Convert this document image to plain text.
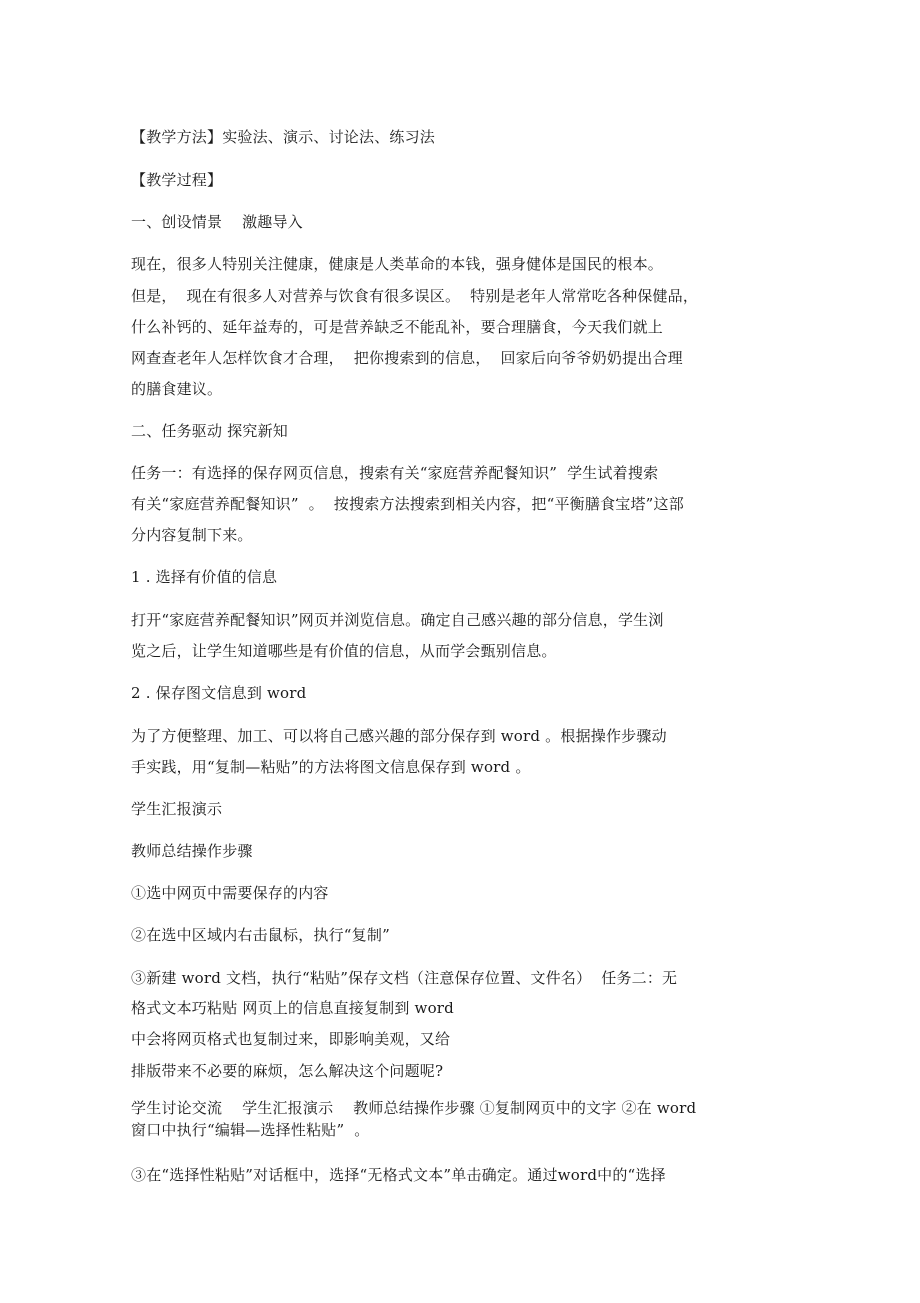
【教学方法】实验法、演示、讨论法、练习法
【教学过程】
一、创设情景    激趣导入
现在，很多人特别关注健康，健康是人类革命的本钱，强身健体是国民的根本。
但是，  现在有很多人对营养与饮食有很多误区。  特别是老年人常常吃各种保健品，
什么补钙的、延年益寿的，可是营养缺乏不能乱补，要合理膳食，今天我们就上
网查查老年人怎样饮食才合理，  把你搜索到的信息，  回家后向爷爷奶奶提出合理
的膳食建议。
二、任务驱动 探究新知
任务一：有选择的保存网页信息，搜索有关“家庭营养配餐知识”  学生试着搜索
有关“家庭营养配餐知识”  。  按搜索方法搜索到相关内容，把“平衡膳食宝塔”这部
分内容复制下来。
1 . 选择有价值的信息
打开“家庭营养配餐知识”网页并浏览信息。确定自己感兴趣的部分信息，学生浏
览之后，让学生知道哪些是有价值的信息，从而学会甄别信息。
2 . 保存图文信息到 word
为了方便整理、加工、可以将自己感兴趣的部分保存到 word 。根据操作步骤动
手实践，用“复制—粘贴”的方法将图文信息保存到 word 。
学生汇报演示
教师总结操作步骤
①选中网页中需要保存的内容
②在选中区域内右击鼠标，执行“复制”
③新建 word 文档，执行“粘贴”保存文档（注意保存位置、文件名）  任务二：无
格式文本巧粘贴 网页上的信息直接复制到 word
中会将网页格式也复制过来，即影响美观，又给
排版带来不必要的麻烦，怎么解决这个问题呢?
学生讨论交流    学生汇报演示    教师总结操作步骤 ①复制网页中的文字 ②在 word
窗口中执行“编辑—选择性粘贴”  。
③在“选择性粘贴”对话框中，选择“无格式文本”单击确定。通过word中的“选择
